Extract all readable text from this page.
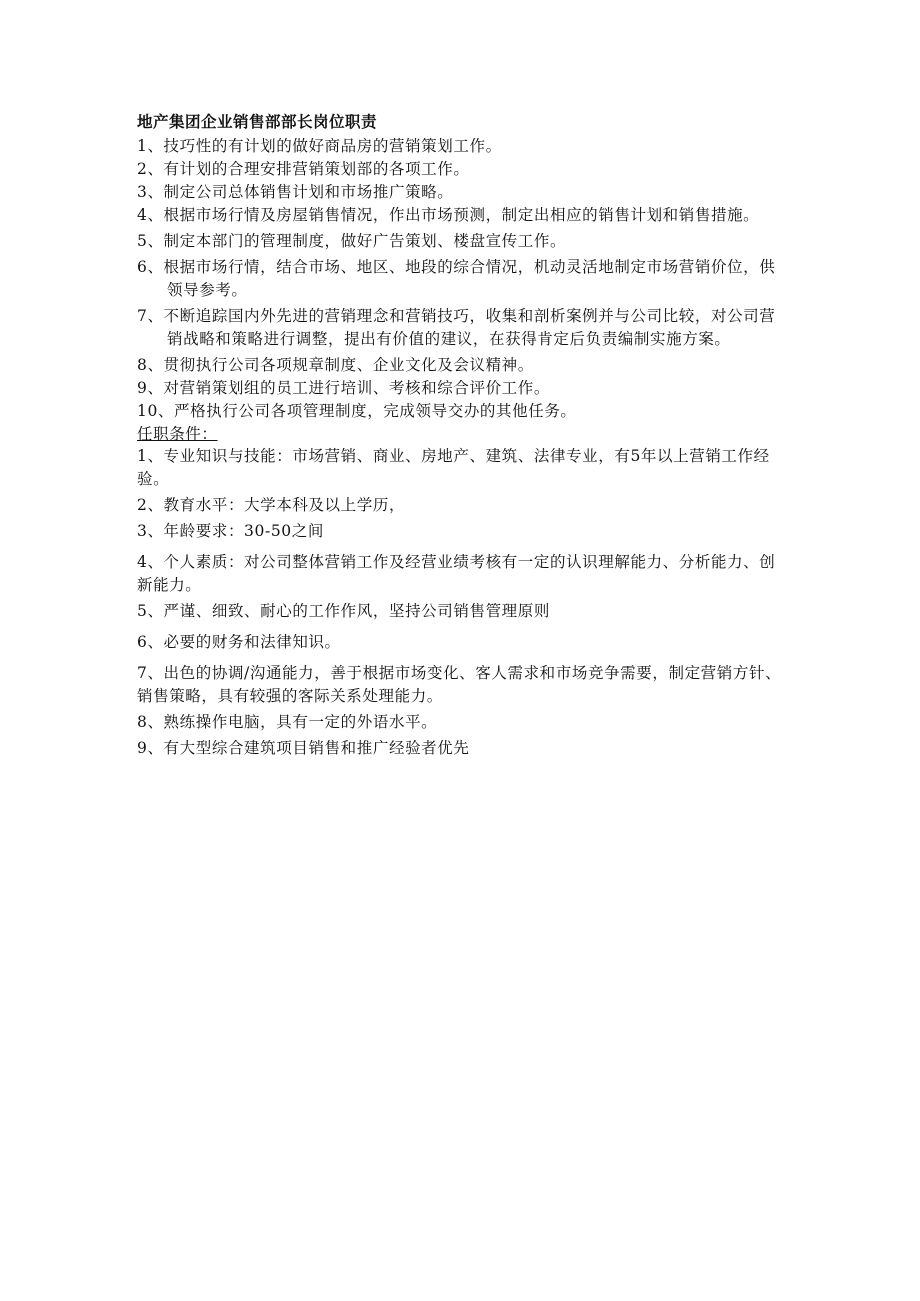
地产集团企业销售部部长岗位职责
1、技巧性的有计划的做好商品房的营销策划工作。
2、有计划的合理安排营销策划部的各项工作。
3、制定公司总体销售计划和市场推广策略。
4、根据市场行情及房屋销售情况，作出市场预测，制定出相应的销售计划和销售措施。
5、制定本部门的管理制度，做好广告策划、楼盘宣传工作。
6、根据市场行情，结合市场、地区、地段的综合情况，机动灵活地制定市场营销价位，供领导参考。
7、不断追踪国内外先进的营销理念和营销技巧，收集和剖析案例并与公司比较，对公司营销战略和策略进行调整，提出有价值的建议，在获得肯定后负责编制实施方案。
8、贯彻执行公司各项规章制度、企业文化及会议精神。
9、对营销策划组的员工进行培训、考核和综合评价工作。
10、严格执行公司各项管理制度，完成领导交办的其他任务。
任职条件：
1、专业知识与技能：市场营销、商业、房地产、建筑、法律专业，有5年以上营销工作经验。
2、教育水平：大学本科及以上学历，
3、年龄要求：30-50之间
4、个人素质：对公司整体营销工作及经营业绩考核有一定的认识理解能力、分析能力、创新能力。
5、严谨、细致、耐心的工作作风，坚持公司销售管理原则
6、必要的财务和法律知识。
7、出色的协调/沟通能力，善于根据市场变化、客人需求和市场竞争需要，制定营销方针、销售策略，具有较强的客际关系处理能力。
8、熟练操作电脑，具有一定的外语水平。
9、有大型综合建筑项目销售和推广经验者优先
